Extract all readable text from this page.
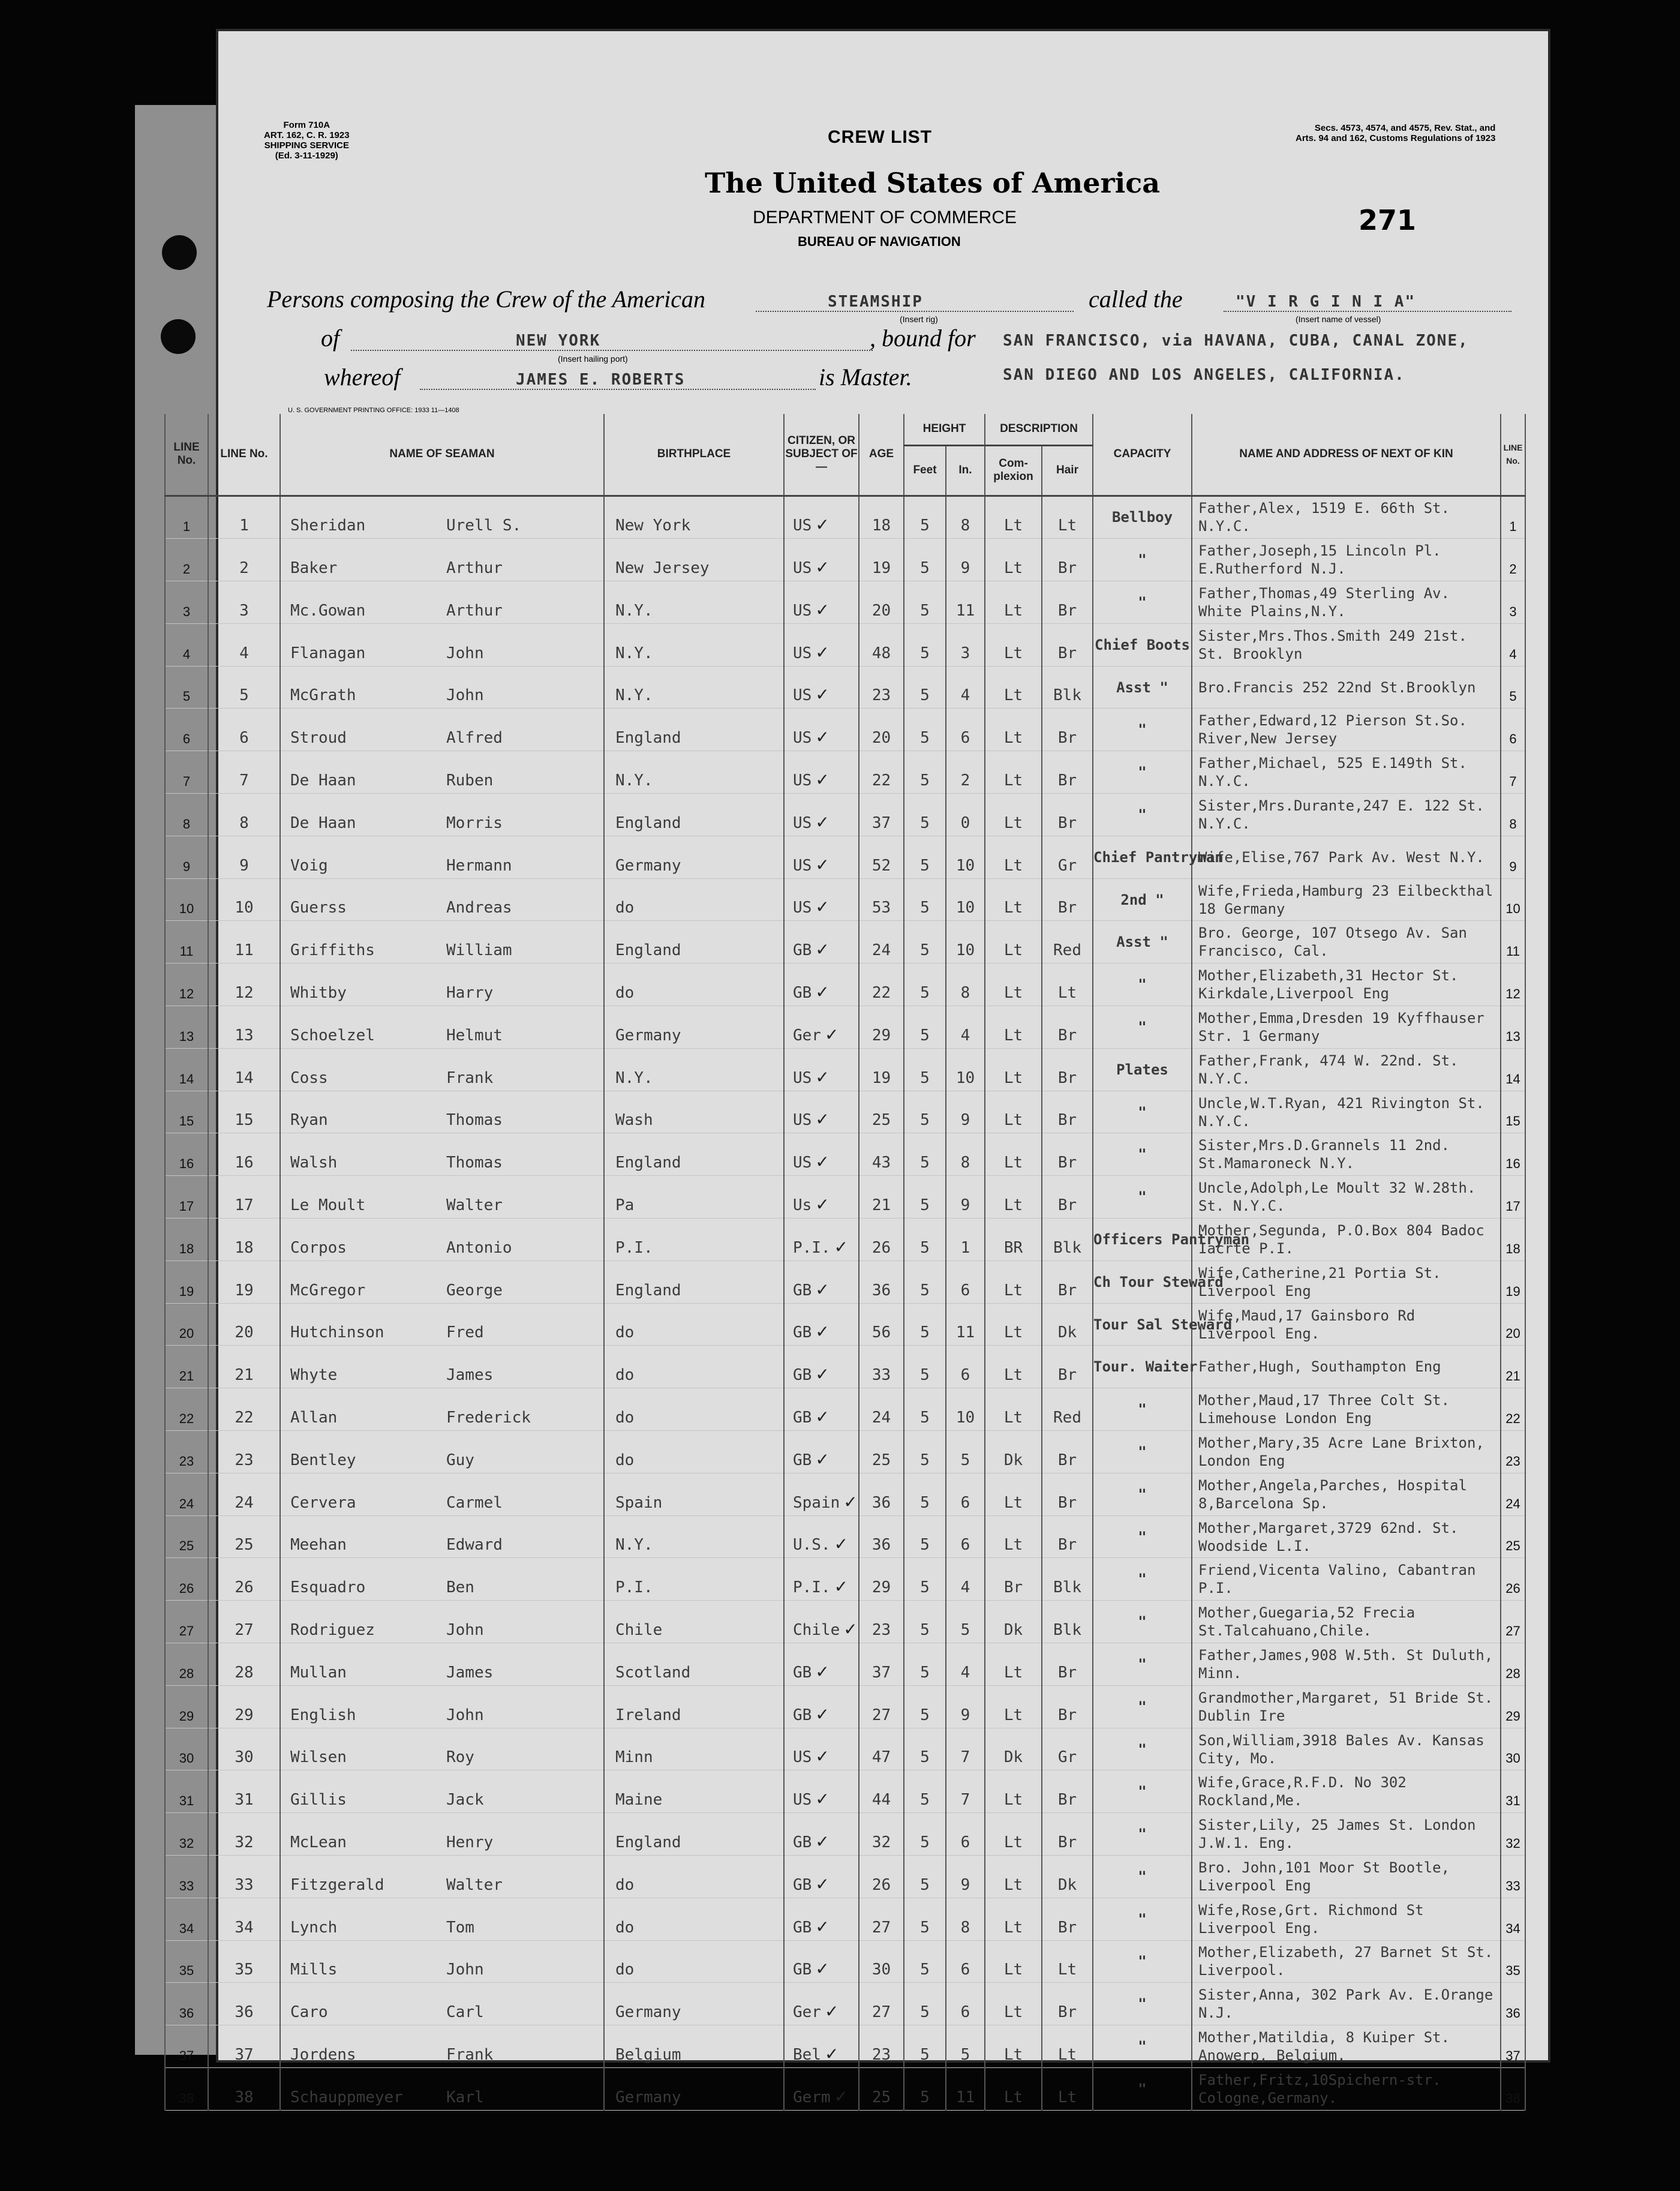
Form 710A
ART. 162, C. R. 1923
SHIPPING SERVICE
(Ed. 3-11-1929)
CREW LIST
The United States of America
DEPARTMENT OF COMMERCE
BUREAU OF NAVIGATION
Secs. 4573, 4574, and 4575, Rev. Stat., and
Arts. 94 and 162, Customs Regulations of 1923
271
Persons composing the Crew of the American	STEAMSHIP
(Insert rig)
called the	"V I R G I N I A"
(Insert name of vessel)
of	NEW YORK
(Insert hailing port)
, bound for SAN FRANCISCO, via HAVANA, CUBA, CANAL ZONE,
whereof	JAMES E. ROBERTS	is Master.	SAN DIEGO AND LOS ANGELES, CALIFORNIA.
U. S. GOVERNMENT PRINTING OFFICE: 1933 11—1408
LINE No.	LINE No.	NAME OF SEAMAN	BIRTHPLACE	CITIZEN, OR SUBJECT OF—	AGE	HEIGHT		DESCRIPTION		CAPACITY	NAME AND ADDRESS OF NEXT OF KIN	LINE No.
						Feet	In.	Com-plexion	Hair			
1	1	Sheridan Urell S.	New York	US ✓	18	5	8	Lt	Lt	Bellboy	Father,Alex, 1519 E. 66th St. N.Y.C.	1
2	2	Baker Arthur	New Jersey	US ✓	19	5	9	Lt	Br	"	Father,Joseph,15 Lincoln Pl. E.Rutherford N.J.	2
3	3	Mc.Gowan Arthur	N.Y.	US ✓	20	5	11	Lt	Br	"	Father,Thomas,49 Sterling Av. White Plains,N.Y.	3
4	4	Flanagan John	N.Y.	US ✓	48	5	3	Lt	Br	Chief Boots	Sister,Mrs.Thos.Smith 249 21st. St. Brooklyn	4
5	5	McGrath John	N.Y.	US ✓	23	5	4	Lt	Blk	Asst "	Bro.Francis 252 22nd St.Brooklyn	5
6	6	Stroud Alfred	England	US ✓	20	5	6	Lt	Br	"	Father,Edward,12 Pierson St.So. River,New Jersey	6
7	7	De Haan Ruben	N.Y.	US ✓	22	5	2	Lt	Br	"	Father,Michael, 525 E.149th St. N.Y.C.	7
8	8	De Haan Morris	England	US ✓	37	5	0	Lt	Br	"	Sister,Mrs.Durante,247 E. 122 St. N.Y.C.	8
9	9	Voig Hermann	Germany	US ✓	52	5	10	Lt	Gr	Chief Pantryman	Wife,Elise,767 Park Av. West N.Y.	9
10	10	Guerss Andreas	do	US ✓	53	5	10	Lt	Br	2nd "	Wife,Frieda,Hamburg 23 Eilbeckthal 18 Germany	10
11	11	Griffiths William	England	GB ✓	24	5	10	Lt	Red	Asst "	Bro. George, 107 Otsego Av. San Francisco, Cal.	11
12	12	Whitby Harry	do	GB ✓	22	5	8	Lt	Lt	"	Mother,Elizabeth,31 Hector St. Kirkdale,Liverpool Eng	12
13	13	Schoelzel Helmut	Germany	Ger ✓	29	5	4	Lt	Br	"	Mother,Emma,Dresden 19 Kyffhauser Str. 1 Germany	13
14	14	Coss Frank	N.Y.	US ✓	19	5	10	Lt	Br	Plates	Father,Frank, 474 W. 22nd. St. N.Y.C.	14
15	15	Ryan Thomas	Wash	US ✓	25	5	9	Lt	Br	"	Uncle,W.T.Ryan, 421 Rivington St. N.Y.C.	15
16	16	Walsh Thomas	England	US ✓	43	5	8	Lt	Br	"	Sister,Mrs.D.Grannels 11 2nd. St.Mamaroneck N.Y.	16
17	17	Le Moult Walter	Pa	Us ✓	21	5	9	Lt	Br	"	Uncle,Adolph,Le Moult 32 W.28th. St. N.Y.C.	17
18	18	Corpos Antonio	P.I.	P.I. ✓	26	5	1	BR	Blk	Officers Pantryman	Mother,Segunda, P.O.Box 804 Badoc Iacrte P.I.	18
19	19	McGregor George	England	GB ✓	36	5	6	Lt	Br	Ch Tour Steward	Wife,Catherine,21 Portia St. Liverpool Eng	19
20	20	Hutchinson Fred	do	GB ✓	56	5	11	Lt	Dk	Tour Sal Steward	Wife,Maud,17 Gainsboro Rd Liverpool Eng.	20
21	21	Whyte James	do	GB ✓	33	5	6	Lt	Br	Tour. Waiter	Father,Hugh, Southampton Eng	21
22	22	Allan Frederick	do	GB ✓	24	5	10	Lt	Red	"	Mother,Maud,17 Three Colt St. Limehouse London Eng	22
23	23	Bentley Guy	do	GB ✓	25	5	5	Dk	Br	"	Mother,Mary,35 Acre Lane Brixton, London Eng	23
24	24	Cervera Carmel	Spain	Spain ✓	36	5	6	Lt	Br	"	Mother,Angela,Parches, Hospital 8,Barcelona Sp.	24
25	25	Meehan Edward	N.Y.	U.S. ✓	36	5	6	Lt	Br	"	Mother,Margaret,3729 62nd. St. Woodside L.I.	25
26	26	Esquadro Ben	P.I.	P.I. ✓	29	5	4	Br	Blk	"	Friend,Vicenta Valino, Cabantran P.I.	26
27	27	Rodriguez John	Chile	Chile ✓	23	5	5	Dk	Blk	"	Mother,Guegaria,52 Frecia St.Talcahuano,Chile.	27
28	28	Mullan James	Scotland	GB ✓	37	5	4	Lt	Br	"	Father,James,908 W.5th. St Duluth, Minn.	28
29	29	English John	Ireland	GB ✓	27	5	9	Lt	Br	"	Grandmother,Margaret, 51 Bride St. Dublin Ire	29
30	30	Wilsen Roy	Minn	US ✓	47	5	7	Dk	Gr	"	Son,William,3918 Bales Av. Kansas City, Mo.	30
31	31	Gillis Jack	Maine	US ✓	44	5	7	Lt	Br	"	Wife,Grace,R.F.D. No 302 Rockland,Me.	31
32	32	McLean Henry	England	GB ✓	32	5	6	Lt	Br	"	Sister,Lily, 25 James St. London J.W.1. Eng.	32
33	33	Fitzgerald Walter	do	GB ✓	26	5	9	Lt	Dk	"	Bro. John,101 Moor St Bootle, Liverpool Eng	33
34	34	Lynch Tom	do	GB ✓	27	5	8	Lt	Br	"	Wife,Rose,Grt. Richmond St Liverpool Eng.	34
35	35	Mills John	do	GB ✓	30	5	6	Lt	Lt	"	Mother,Elizabeth, 27 Barnet St St. Liverpool.	35
36	36	Caro Carl	Germany	Ger ✓	27	5	6	Lt	Br	"	Sister,Anna, 302 Park Av. E.Orange N.J.	36
37	37	Jordens Frank	Belgium	Bel ✓	23	5	5	Lt	Lt	"	Mother,Matildia, 8 Kuiper St. Anowerp, Belgium.	37
38	38	Schauppmeyer Karl	Germany	Germ ✓	25	5	11	Lt	Lt	"	Father,Fritz,10Spichern-str. Cologne,Germany.	38
